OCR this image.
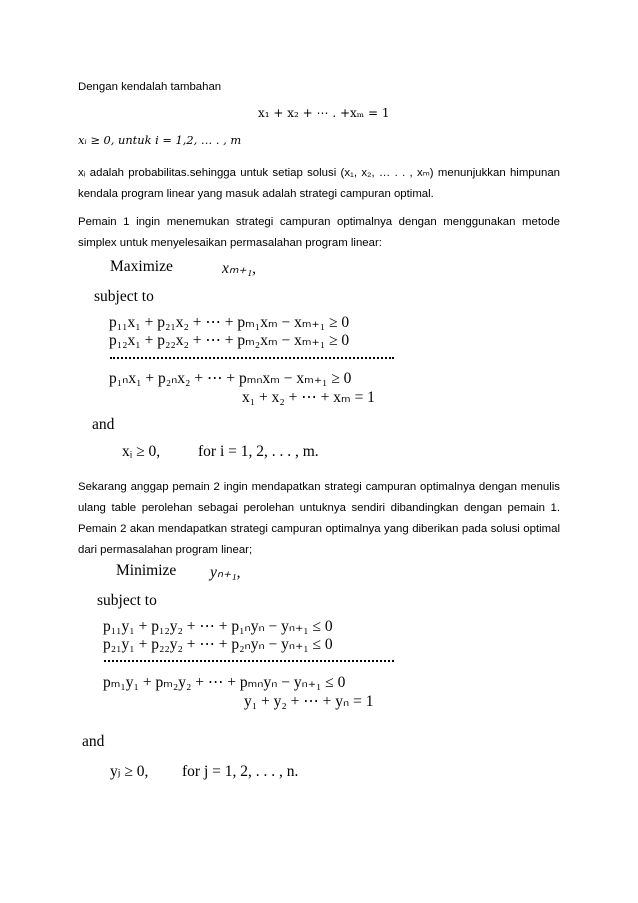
Dengan kendalah tambahan
x₁ + x₂ + ⋯ . +xₘ = 1
xᵢ ≥ 0, untuk i = 1,2, … . , m
xᵢ adalah probabilitas.sehingga untuk setiap solusi (x₁, x₂, … . . , xₘ) menunjukkan himpunan kendala program linear yang masuk adalah strategi campuran optimal.
Pemain 1 ingin menemukan strategi campuran optimalnya dengan menggunakan metode simplex untuk menyelesaikan permasalahan program linear:
Maximize	xₘ₊₁,
subject to
p₁₁x₁ + p₂₁x₂ + ⋯ + pₘ₁xₘ − xₘ₊₁ ≥ 0
p₁₂x₁ + p₂₂x₂ + ⋯ + pₘ₂xₘ − xₘ₊₁ ≥ 0
p₁ₙx₁ + p₂ₙx₂ + ⋯ + pₘₙxₘ − xₘ₊₁ ≥ 0
x₁ + x₂ + ⋯ + xₘ = 1
and
xᵢ ≥ 0, for i = 1, 2, . . . , m.
Sekarang anggap pemain 2 ingin mendapatkan strategi campuran optimalnya dengan menulis ulang table perolehan sebagai perolehan untuknya sendiri dibandingkan dengan pemain 1. Pemain 2 akan mendapatkan strategi campuran optimalnya yang diberikan pada solusi optimal dari permasalahan program linear;
Minimize yₙ₊₁,
subject to
p₁₁y₁ + p₁₂y₂ + ⋯ + p₁ₙyₙ − yₙ₊₁ ≤ 0
p₂₁y₁ + p₂₂y₂ + ⋯ + p₂ₙyₙ − yₙ₊₁ ≤ 0
pₘ₁y₁ + pₘ₂y₂ + ⋯ + pₘₙyₙ − yₙ₊₁ ≤ 0
y₁ + y₂ + ⋯ + yₙ = 1
and
yⱼ ≥ 0, for j = 1, 2, . . . , n.
